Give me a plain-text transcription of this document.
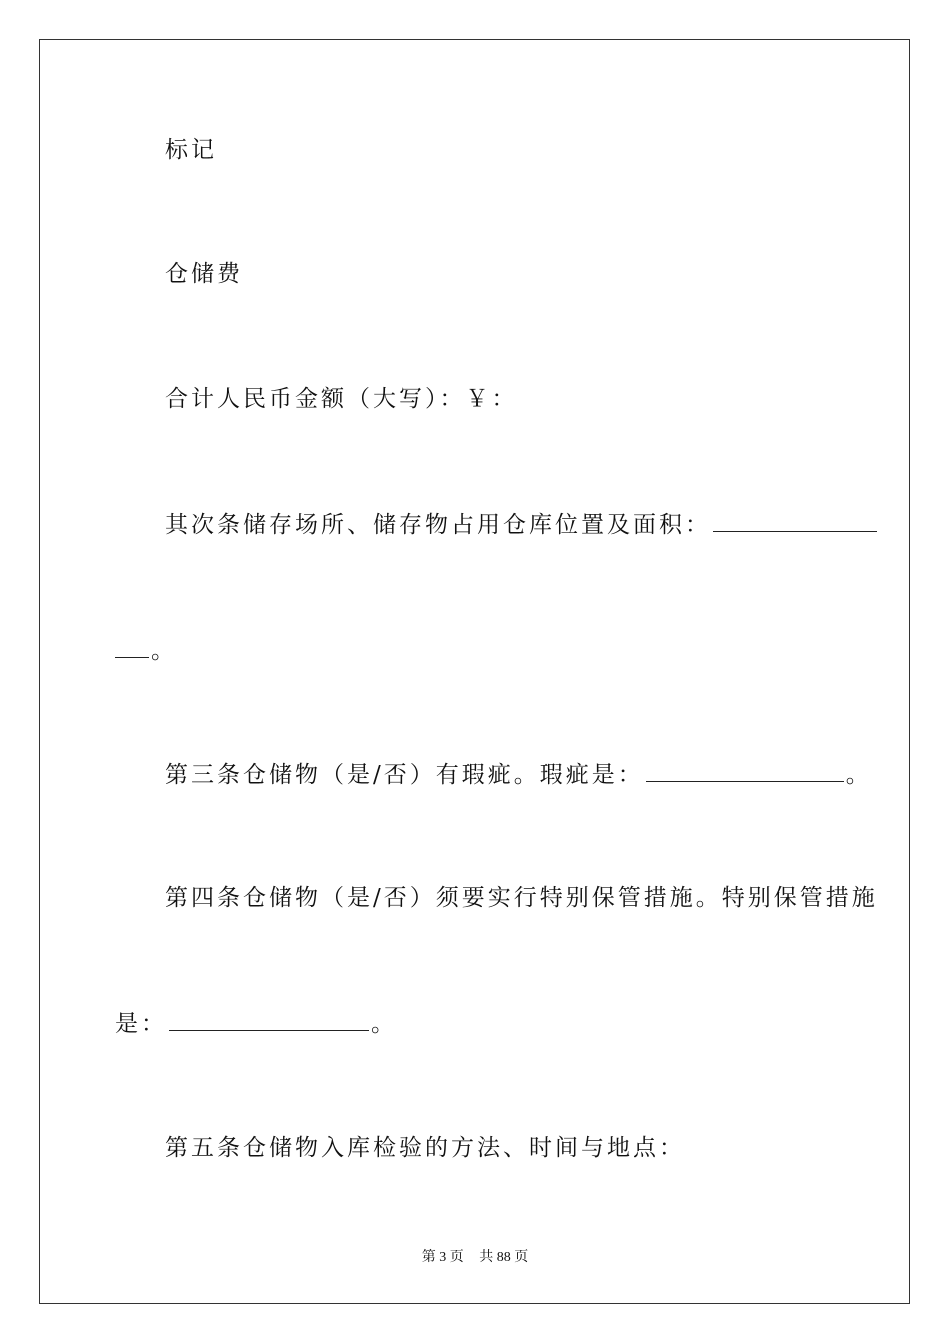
标记
仓储费
合计人民币金额（大写）：￥：
其次条储存场所、储存物占用仓库位置及面积：
。
第三条仓储物（是/否）有瑕疵。瑕疵是：	。
第四条仓储物（是/否）须要实行特别保管措施。特别保管措施
是：	。
第五条仓储物入库检验的方法、时间与地点：
第 3 页 共 88 页
